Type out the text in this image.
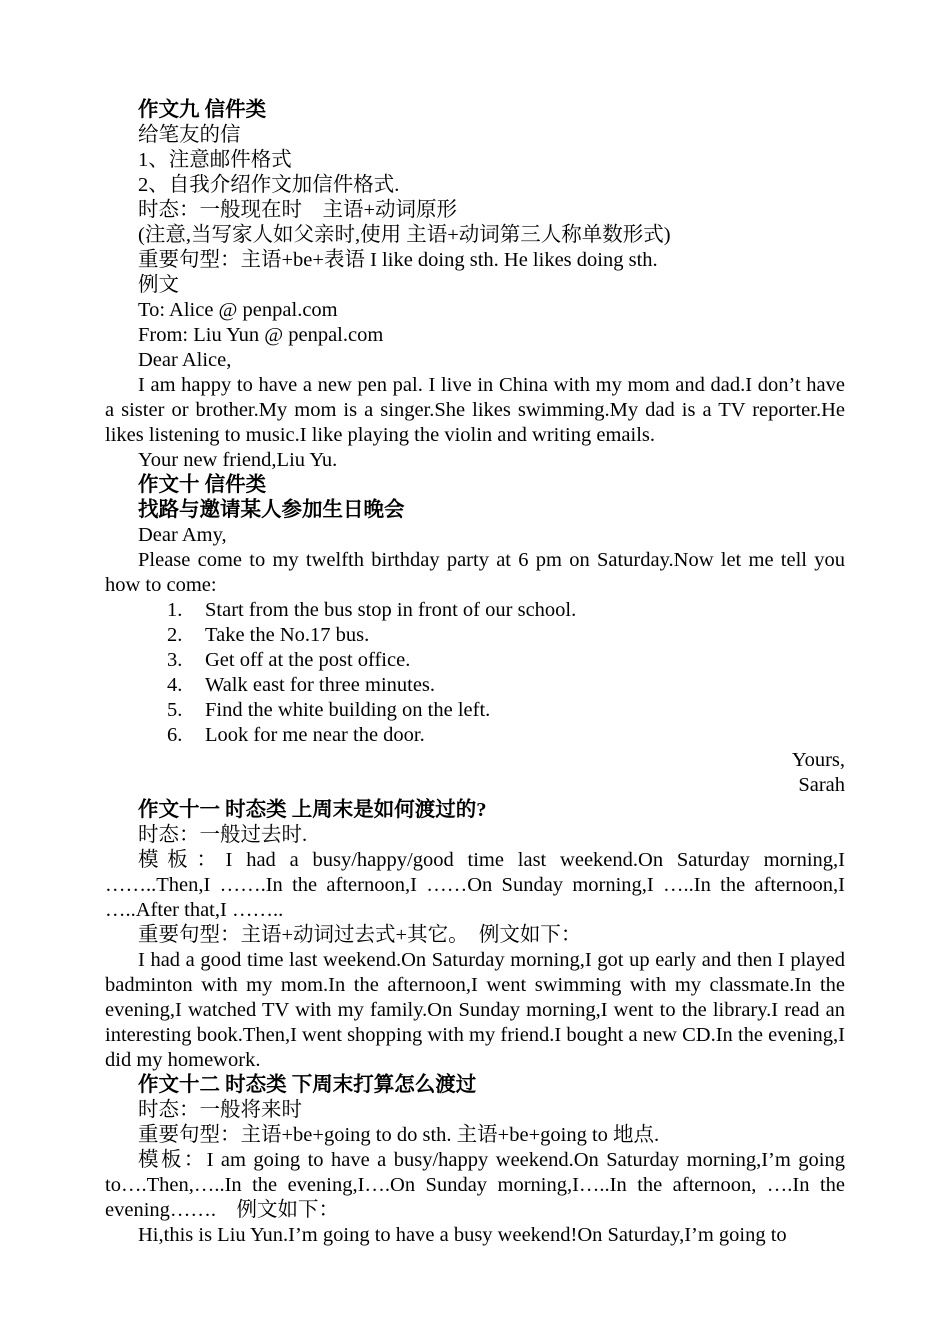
作文九 信件类

给笔友的信

1、注意邮件格式

2、自我介绍作文加信件格式.

时态：一般现在时　主语+动词原形

(注意,当写家人如父亲时,使用 主语+动词第三人称单数形式)

重要句型：主语+be+表语 I like doing sth. He likes doing sth.

例文

To: Alice @ penpal.com

From: Liu Yun @ penpal.com

Dear Alice,

I am happy to have a new pen pal. I live in China with my mom and dad.I don’t have a sister or brother.My mom is a singer.She likes swimming.My dad is a TV reporter.He likes listening to music.I like playing the violin and writing emails.

Your new friend,Liu Yu.

作文十 信件类

找路与邀请某人参加生日晚会

Dear Amy,

Please come to my twelfth birthday party at 6 pm on Saturday.Now let me tell you how to come:

1.	Start from the bus stop in front of our school.
2.	Take the No.17 bus.
3.	Get off at the post office.
4.	Walk east for three minutes.
5.	Find the white building on the left.
6.	Look for me near the door.

Yours,

Sarah

作文十一 时态类 上周末是如何渡过的?

时态：一般过去时.

模板：I had a busy/happy/good time last weekend.On Saturday morning,I ……..Then,I …….In the afternoon,I ……On Sunday morning,I …..In the afternoon,I …..After that,I ……..

重要句型：主语+动词过去式+其它。　例文如下：

I had a good time last weekend.On Saturday morning,I got up early and then I played badminton with my mom.In the afternoon,I went swimming with my classmate.In the evening,I watched TV with my family.On Sunday morning,I went to the library.I read an interesting book.Then,I went shopping with my friend.I bought a new CD.In the evening,I did my homework.

作文十二 时态类 下周末打算怎么渡过

时态：一般将来时

重要句型：主语+be+going to do sth. 主语+be+going to 地点.

模板：I am going to have a busy/happy weekend.On Saturday morning,I’m going to….Then,…..In the evening,I….On Sunday morning,I…..In the afternoon, ….In the evening…….　例文如下：

Hi,this is Liu Yun.I’m going to have a busy weekend!On Saturday,I’m going to
